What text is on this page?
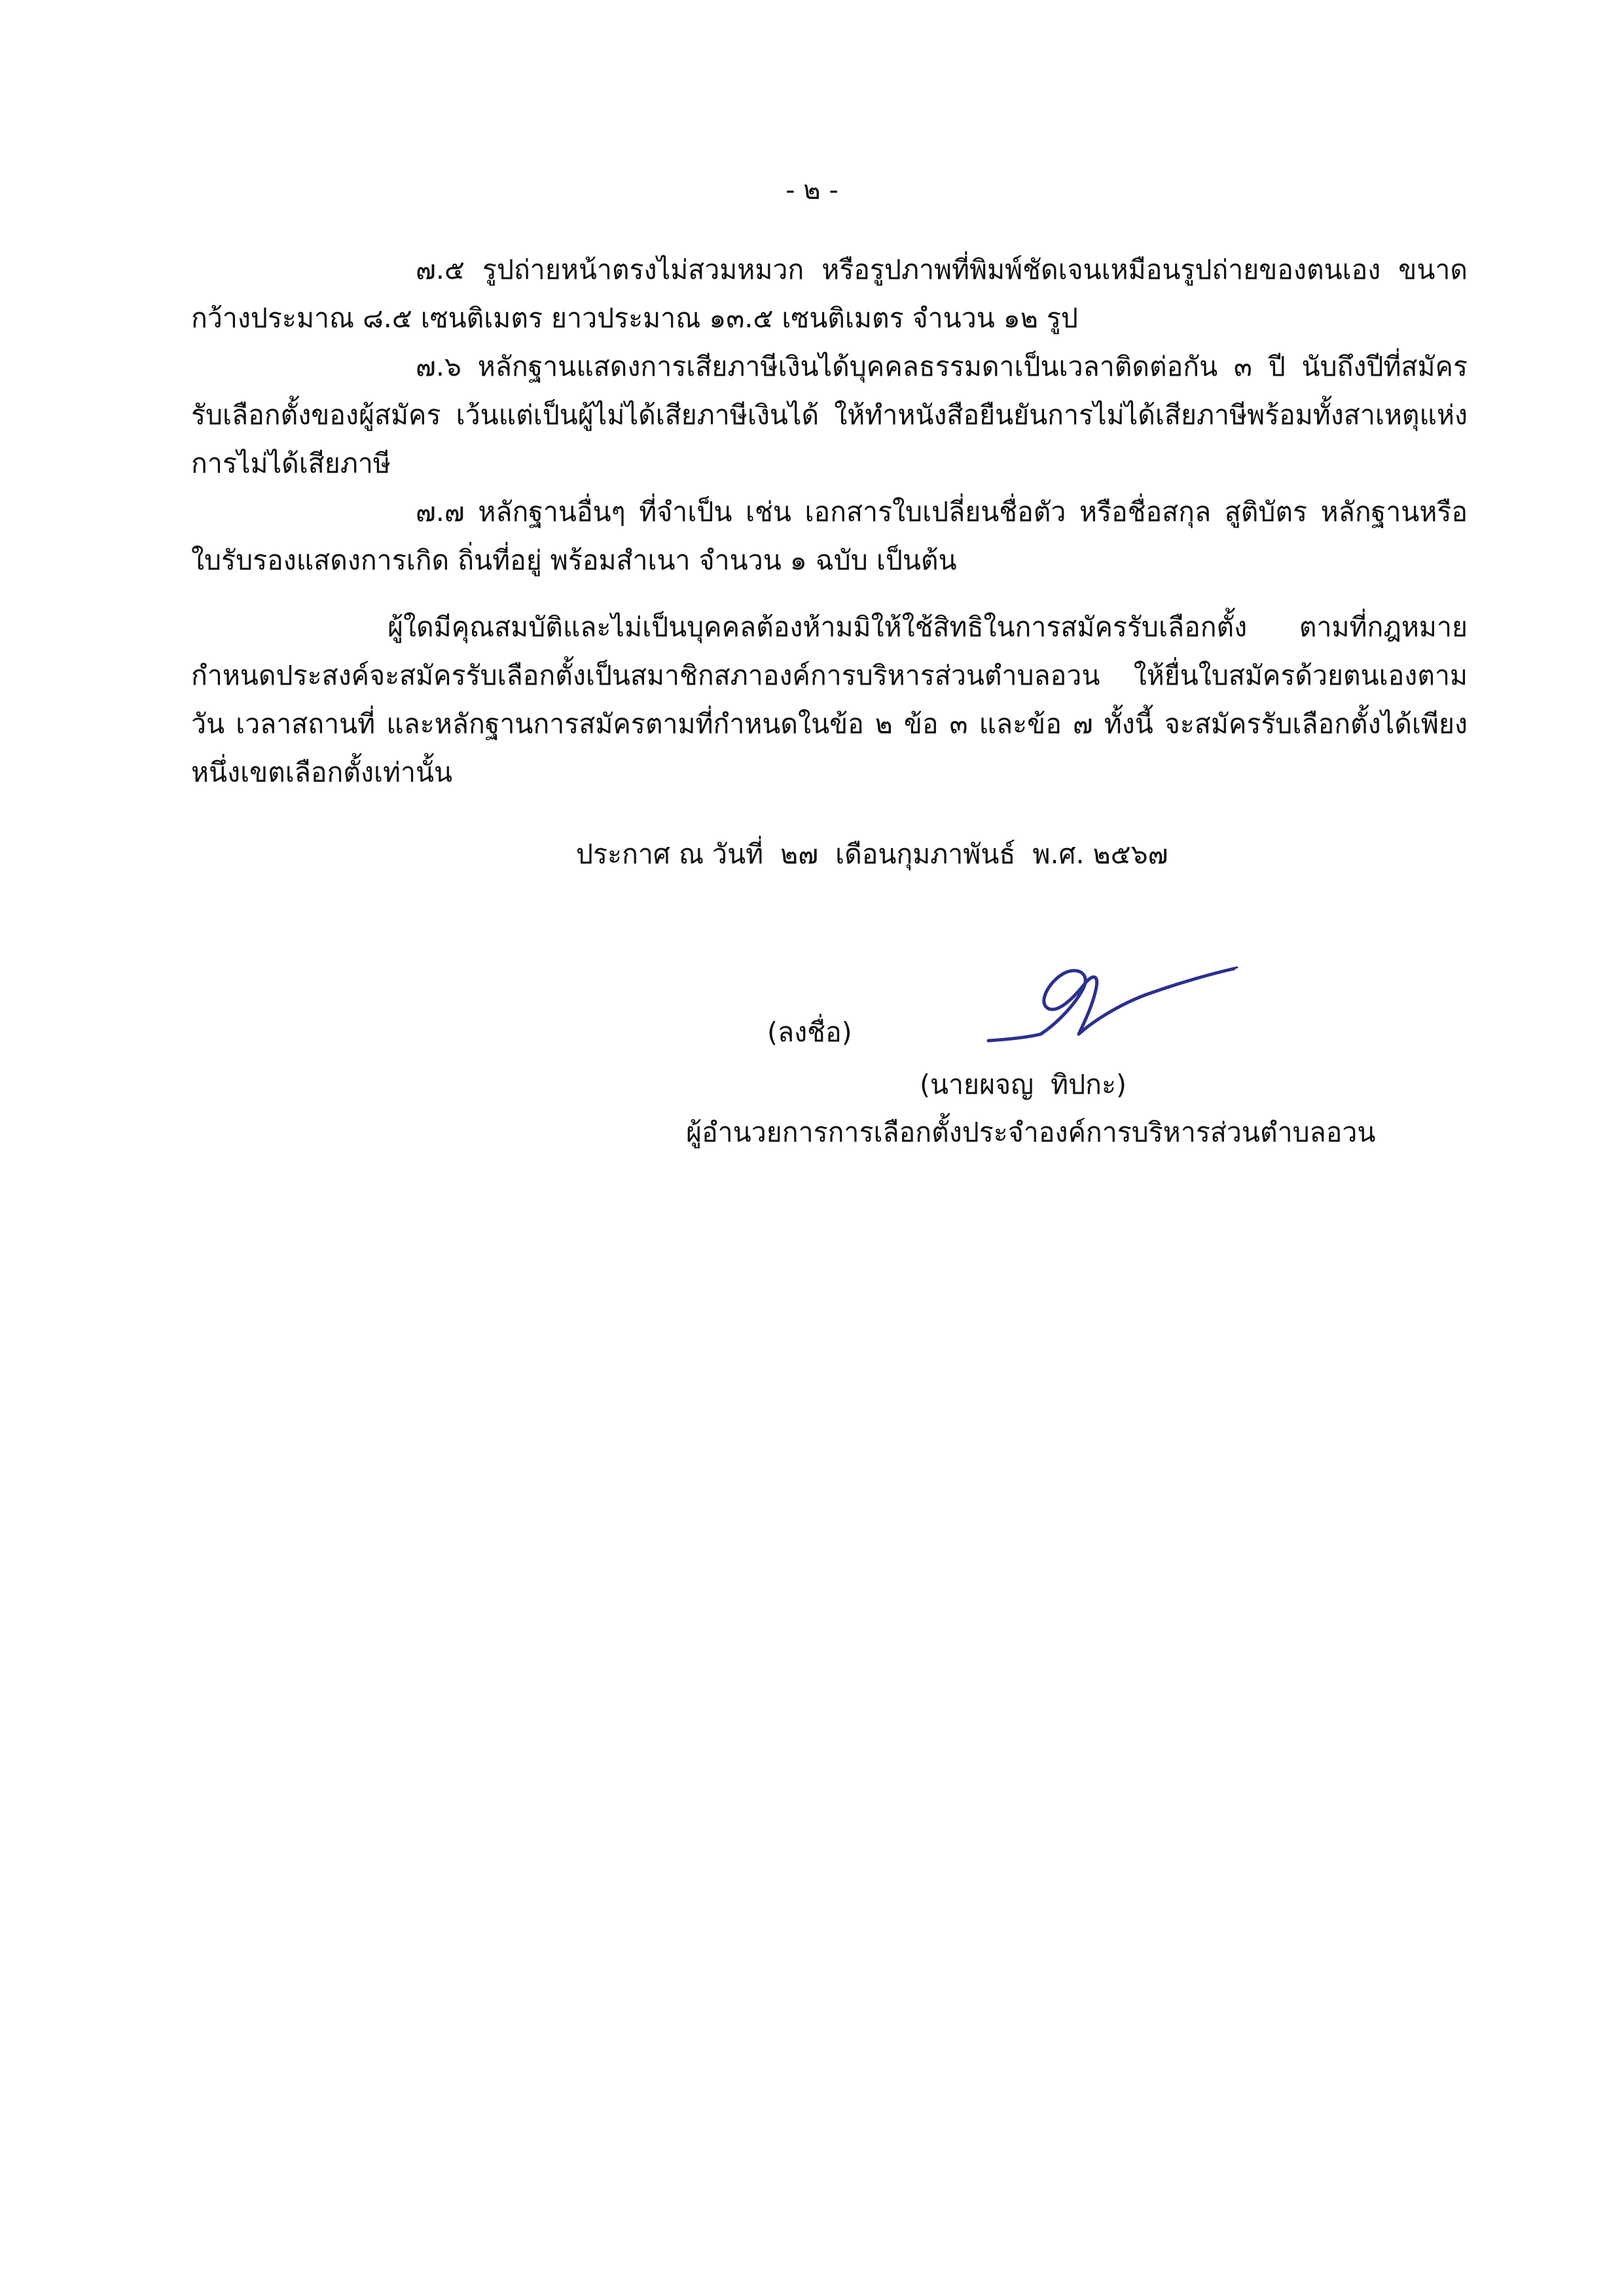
- ๒ -

๗.๕ รูปถ่ายหน้าตรงไม่สวมหมวก หรือรูปภาพที่พิมพ์ชัดเจนเหมือนรูปถ่ายของตนเอง ขนาดกว้างประมาณ ๘.๕ เซนติเมตร ยาวประมาณ ๑๓.๕ เซนติเมตร จำนวน ๑๒ รูป

๗.๖ หลักฐานแสดงการเสียภาษีเงินได้บุคคลธรรมดาเป็นเวลาติดต่อกัน ๓ ปี นับถึงปีที่สมัครรับเลือกตั้งของผู้สมัคร เว้นแต่เป็นผู้ไม่ได้เสียภาษีเงินได้ ให้ทำหนังสือยืนยันการไม่ได้เสียภาษีพร้อมทั้งสาเหตุแห่งการไม่ได้เสียภาษี

๗.๗ หลักฐานอื่นๆ ที่จำเป็น เช่น เอกสารใบเปลี่ยนชื่อตัว หรือชื่อสกุล สูติบัตร หลักฐานหรือใบรับรองแสดงการเกิด ถิ่นที่อยู่ พร้อมสำเนา จำนวน ๑ ฉบับ เป็นต้น

ผู้ใดมีคุณสมบัติและไม่เป็นบุคคลต้องห้ามมิให้ใช้สิทธิในการสมัครรับเลือกตั้ง ตามที่กฎหมายกำหนดประสงค์จะสมัครรับเลือกตั้งเป็นสมาชิกสภาองค์การบริหารส่วนตำบลอวน ให้ยื่นใบสมัครด้วยตนเองตามวัน เวลาสถานที่ และหลักฐานการสมัครตามที่กำหนดในข้อ ๒ ข้อ ๓ และข้อ ๗ ทั้งนี้ จะสมัครรับเลือกตั้งได้เพียงหนึ่งเขตเลือกตั้งเท่านั้น

ประกาศ ณ วันที่  ๒๗  เดือนกุมภาพันธ์  พ.ศ. ๒๕๖๗
(ลงชื่อ)
(นายผจญ  ทิปกะ)
ผู้อำนวยการการเลือกตั้งประจำองค์การบริหารส่วนตำบลอวน
